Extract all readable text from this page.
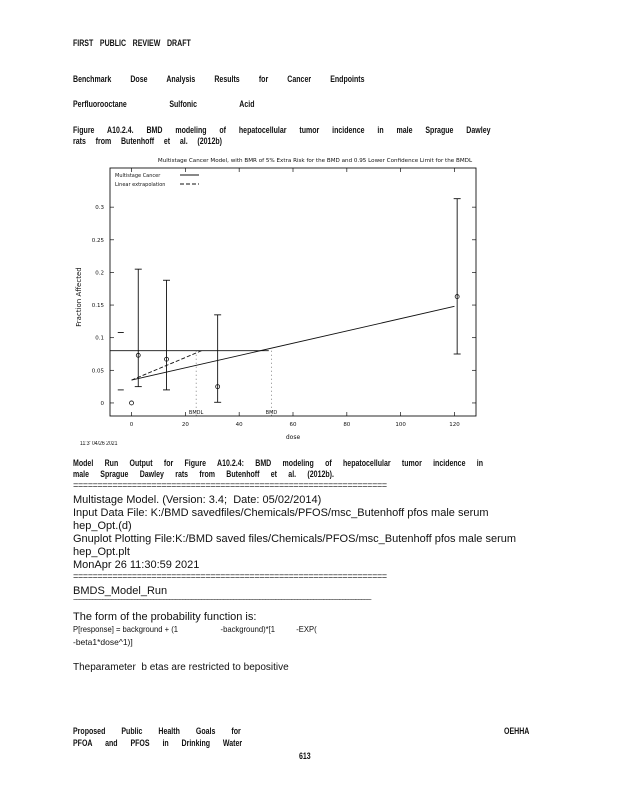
FIRST PUBLIC REVIEW DRAFT
Benchmark Dose Analysis Results for Cancer Endpoints
Perfluorooctane Sulfonic Acid
Figure A10.2.4. BMD modeling of hepatocellular tumor incidence in male Sprague Dawley
rats from Butenhoff et al. (2012b)
Multistage Cancer Model, with BMR of 5% Extra Risk for the BMD and 0.95 Lower Confidence Limit for the BMDL
0	20	40	60	80	100	120
0
0.05
0.1
0.15
0.2
0.25
0.3
Fraction Affected
dose
Multistage Cancer
Linear extrapolation
BMDL	BMD
11:3' 04/26 2021
Model Run Output for Figure A10.2.4: BMD modeling of hepatocellular tumor incidence in
male Sprague Dawley rats from Butenhoff et al. (2012b).
================================================================
Multistage Model. (Version: 3.4;  Date: 05/02/2014)
Input Data File: K:/BMD savedfiles/Chemicals/PFOS/msc_Butenhoff pfos male serum
hep_Opt.(d)
Gnuplot Plotting File:K:/BMD saved files/Chemicals/PFOS/msc_Butenhoff pfos male serum
hep_Opt.plt
MonApr 26 11:30:59 2021
================================================================
BMDS_Model_Run
~~~~~~~~~~~~~~~~~~~~~~~~~~~~~~~~~~~~~~~~~~~~~~~~~~~~~~~~~~~~~~~~~~~~~~~~~~~~~~~~~~~~~~~~~~~~~
The form of the probability function is:
P[response] = background + (1                    -background)*[1          -EXP(
-beta1*dose^1)]
Theparameter  b etas are restricted to bepositive
Proposed Public Health Goals for
PFOA and PFOS in Drinking Water
OEHHA
613
